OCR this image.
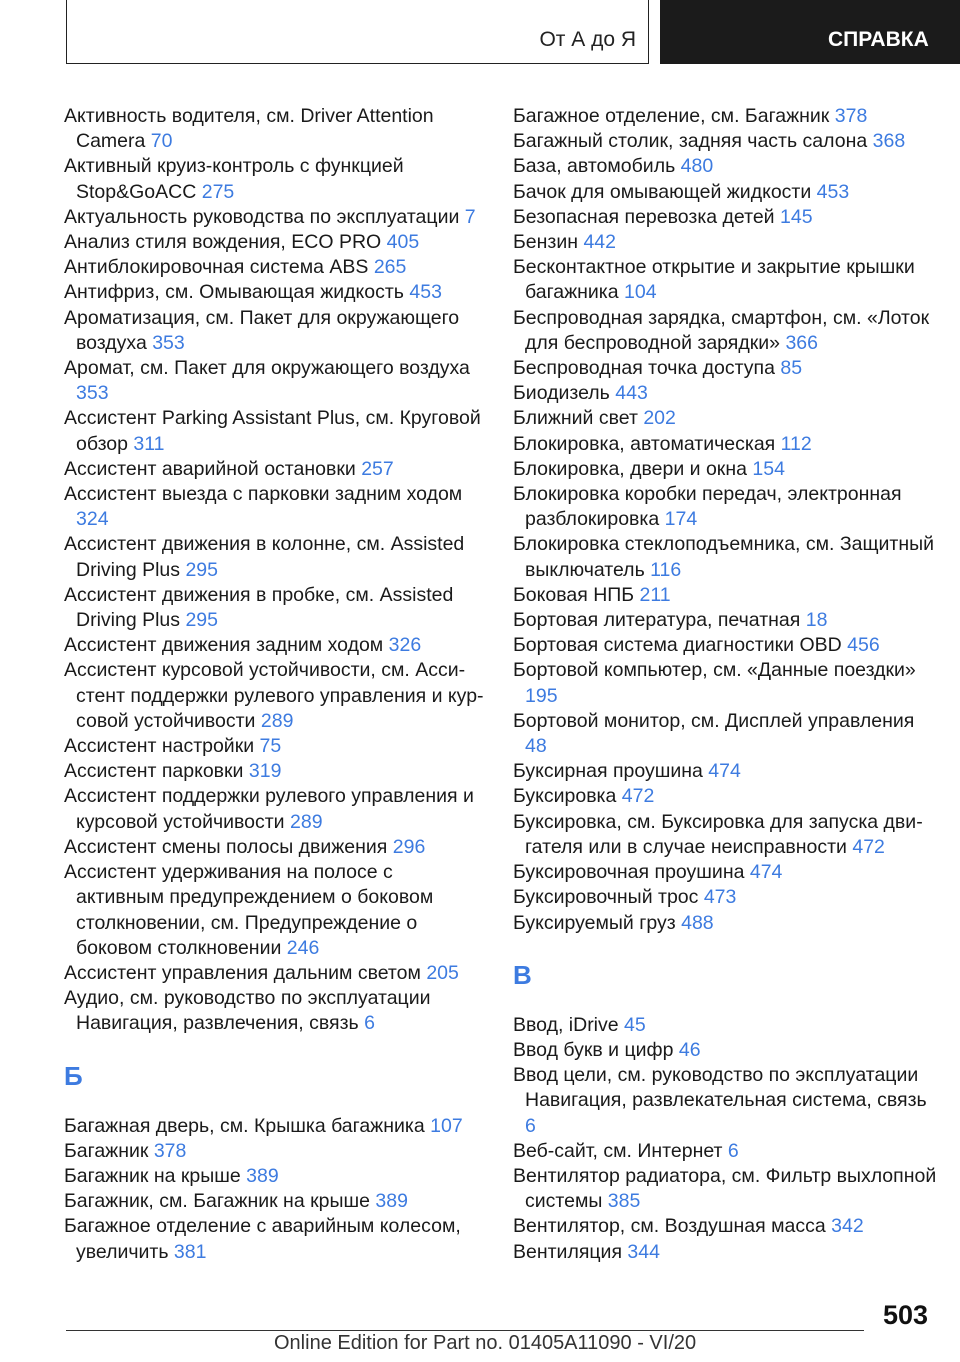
От А до Я	СПРАВКА
Активность водителя, см. Driver Attention Camera 70
Активный круиз-контроль с функцией Stop&GoACC 275
Актуальность руководства по эксплуатации 7
Анализ стиля вождения, ECO PRO 405
Антиблокировочная система ABS 265
Антифриз, см. Омывающая жидкость 453
Ароматизация, см. Пакет для окружающего воздуха 353
Аромат, см. Пакет для окружающего воздуха 353
Ассистент Parking Assistant Plus, см. Круговой обзор 311
Ассистент аварийной остановки 257
Ассистент выезда с парковки задним ходом 324
Ассистент движения в колонне, см. Assisted Driving Plus 295
Ассистент движения в пробке, см. Assisted Driving Plus 295
Ассистент движения задним ходом 326
Ассистент курсовой устойчивости, см. Ассистент поддержки рулевого управления и курсовой устойчивости 289
Ассистент настройки 75
Ассистент парковки 319
Ассистент поддержки рулевого управления и курсовой устойчивости 289
Ассистент смены полосы движения 296
Ассистент удерживания на полосе с активным предупреждением о боковом столкновении, см. Предупреждение о боковом столкновении 246
Ассистент управления дальним светом 205
Аудио, см. руководство по эксплуатации Навигация, развлечения, связь 6
Б
Багажная дверь, см. Крышка багажника 107
Багажник 378
Багажник на крыше 389
Багажник, см. Багажник на крыше 389
Багажное отделение с аварийным колесом, увеличить 381
Багажное отделение, см. Багажник 378
Багажный столик, задняя часть салона 368
База, автомобиль 480
Бачок для омывающей жидкости 453
Безопасная перевозка детей 145
Бензин 442
Бесконтактное открытие и закрытие крышки багажника 104
Беспроводная зарядка, смартфон, см. «Лоток для беспроводной зарядки» 366
Беспроводная точка доступа 85
Биодизель 443
Ближний свет 202
Блокировка, автоматическая 112
Блокировка, двери и окна 154
Блокировка коробки передач, электронная разблокировка 174
Блокировка стеклоподъемника, см. Защитный выключатель 116
Боковая НПБ 211
Бортовая литература, печатная 18
Бортовая система диагностики OBD 456
Бортовой компьютер, см. «Данные поездки» 195
Бортовой монитор, см. Дисплей управления 48
Буксирная проушина 474
Буксировка 472
Буксировка, см. Буксировка для запуска двигателя или в случае неисправности 472
Буксировочная проушина 474
Буксировочный трос 473
Буксируемый груз 488
В
Ввод, iDrive 45
Ввод букв и цифр 46
Ввод цели, см. руководство по эксплуатации Навигация, развлекательная система, связь 6
Веб-сайт, см. Интернет 6
Вентилятор радиатора, см. Фильтр выхлопной системы 385
Вентилятор, см. Воздушная масса 342
Вентиляция 344
503
Online Edition for Part no. 01405A11090 - VI/20
